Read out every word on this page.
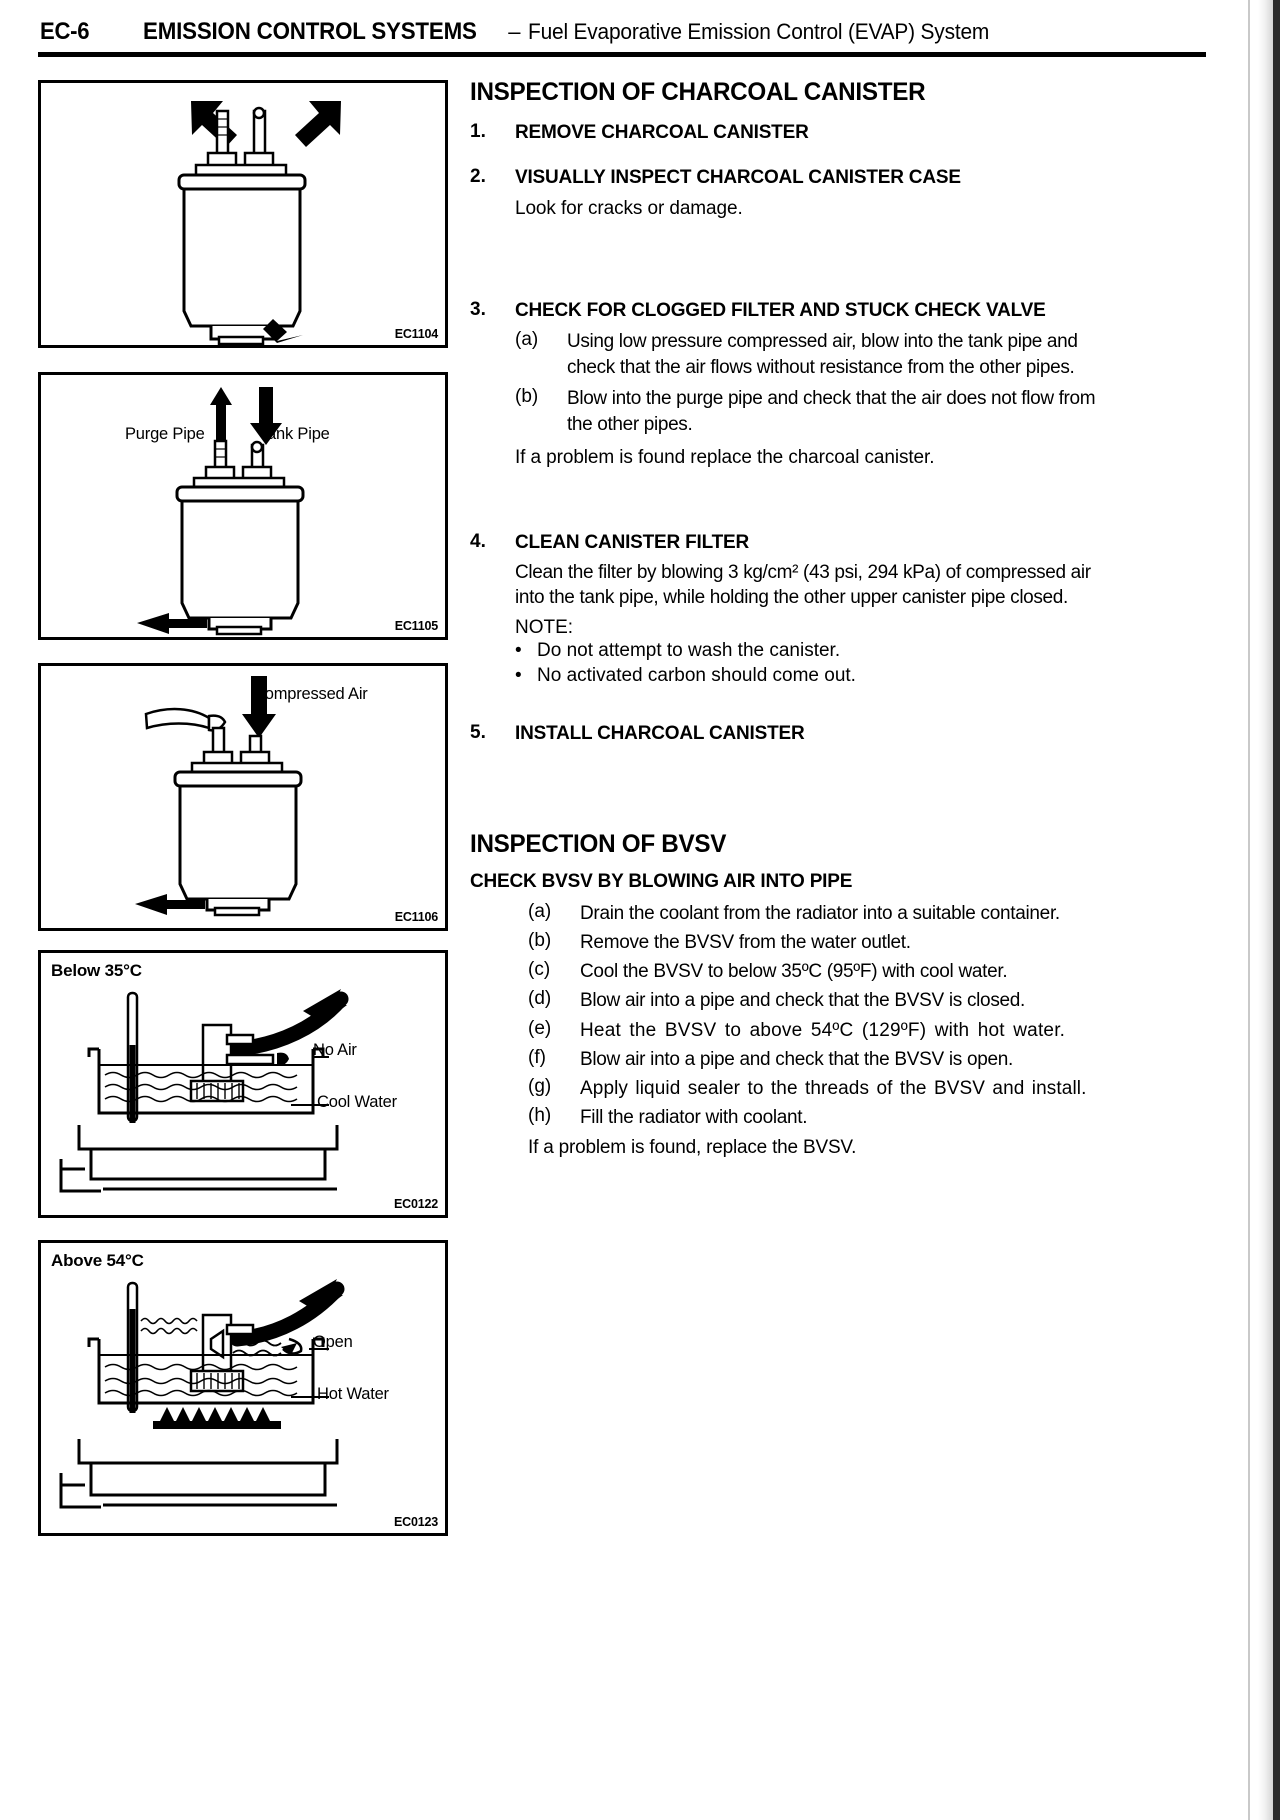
EC-6 EMISSION CONTROL SYSTEMS – Fuel Evaporative Emission Control (EVAP) System
EC1104
Purge Pipe	Tank Pipe
EC1105
Compressed Air
EC1106
Below 35°C
No Air
Cool Water
EC0122
Above 54°C
Open
Hot Water
EC0123
INSPECTION OF CHARCOAL CANISTER
1.	REMOVE CHARCOAL CANISTER
2.	VISUALLY INSPECT CHARCOAL CANISTER CASE
Look for cracks or damage.
3.	CHECK FOR CLOGGED FILTER AND STUCK CHECK VALVE
(a)	Using low pressure compressed air, blow into the tank pipe and check that the air flows without resistance from the other pipes.
(b)	Blow into the purge pipe and check that the air does not flow from the other pipes.
If a problem is found replace the charcoal canister.
4.	CLEAN CANISTER FILTER
Clean the filter by blowing 3 kg/cm² (43 psi, 294 kPa) of compressed air into the tank pipe, while holding the other upper canister pipe closed.
NOTE:
• Do not attempt to wash the canister.
• No activated carbon should come out.
5.	INSTALL CHARCOAL CANISTER
INSPECTION OF BVSV
CHECK BVSV BY BLOWING AIR INTO PIPE
(a)	Drain the coolant from the radiator into a suitable container.
(b)	Remove the BVSV from the water outlet.
(c)	Cool the BVSV to below 35ºC (95ºF) with cool water.
(d)	Blow air into a pipe and check that the BVSV is closed.
(e)	Heat the BVSV to above 54ºC (129ºF) with hot water.
(f)	Blow air into a pipe and check that the BVSV is open.
(g)	Apply liquid sealer to the threads of the BVSV and install.
(h)	Fill the radiator with coolant.
If a problem is found, replace the BVSV.
